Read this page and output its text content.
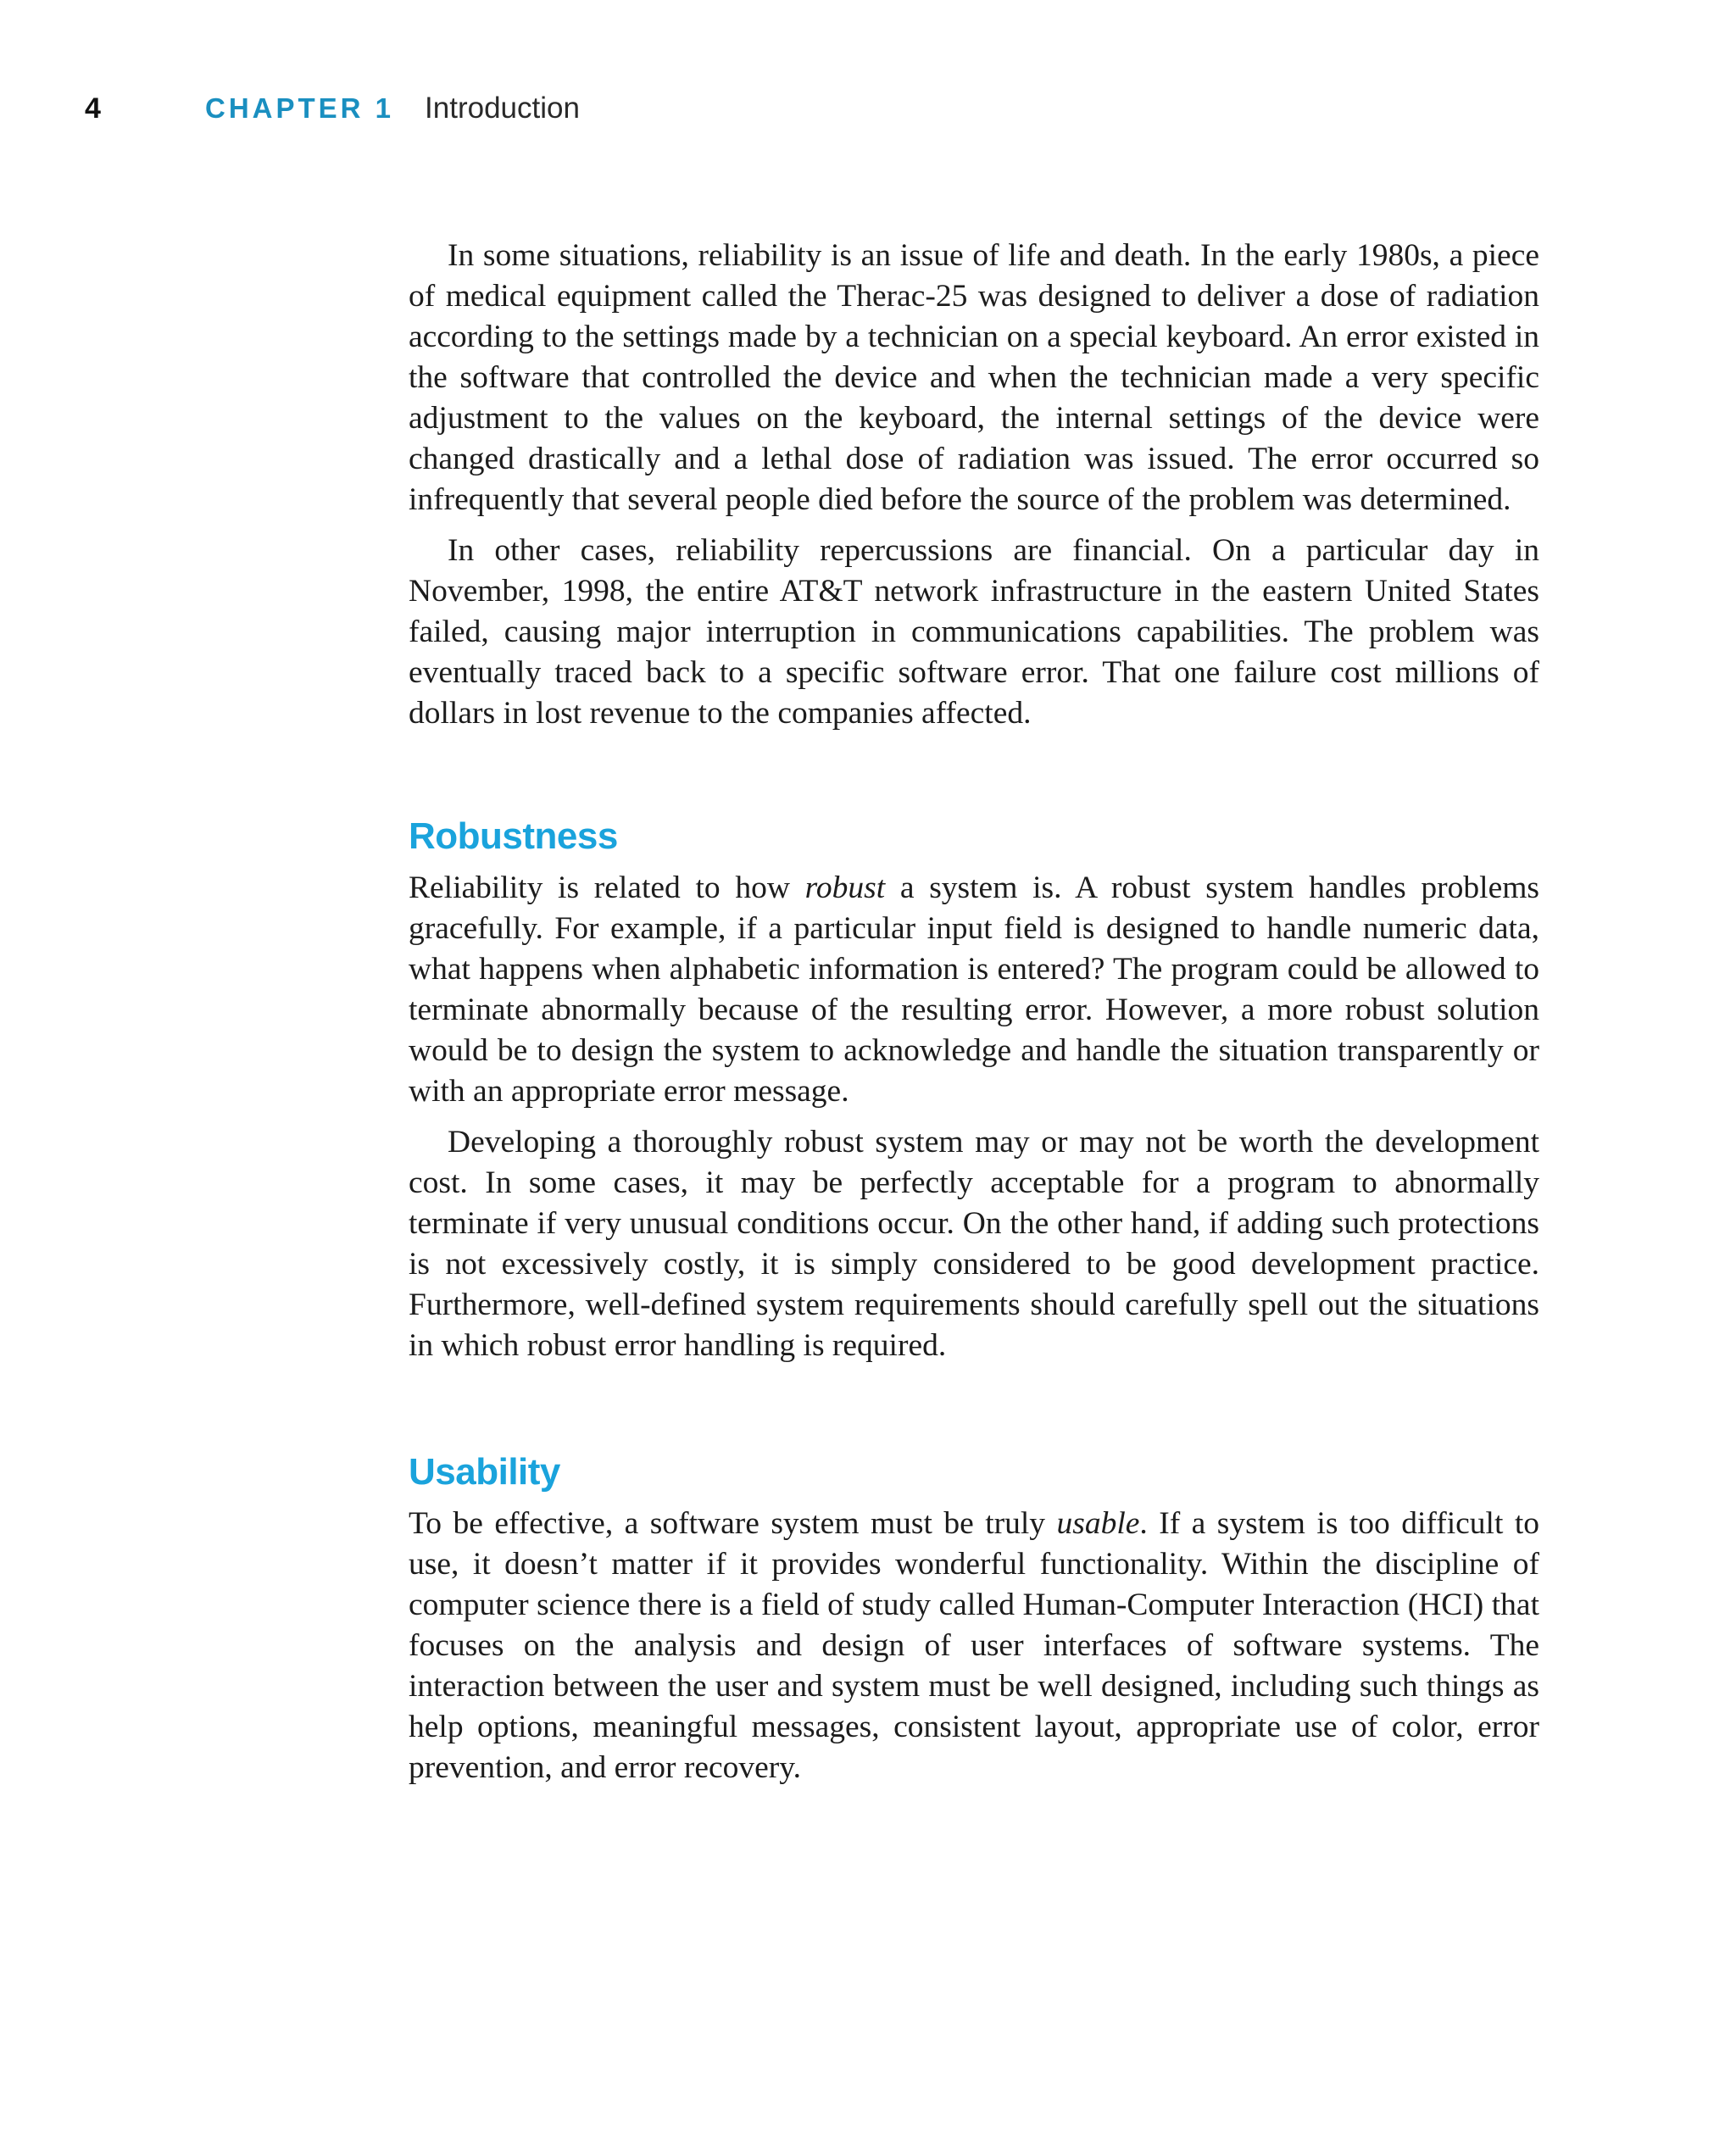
4	CHAPTER 1 Introduction

In some situations, reliability is an issue of life and death. In the early 1980s, a piece of medical equipment called the Therac-25 was designed to deliver a dose of radiation according to the settings made by a technician on a special keyboard. An error existed in the software that controlled the device and when the technician made a very specific adjustment to the values on the keyboard, the internal settings of the device were changed drastically and a lethal dose of radiation was issued. The error occurred so infrequently that several people died before the source of the problem was determined.

In other cases, reliability repercussions are financial. On a particular day in November, 1998, the entire AT&T network infrastructure in the eastern United States failed, causing major interruption in communications capabilities. The problem was eventually traced back to a specific software error. That one failure cost millions of dollars in lost revenue to the companies affected.

Robustness

Reliability is related to how robust a system is. A robust system handles problems gracefully. For example, if a particular input field is designed to handle numeric data, what happens when alphabetic information is entered? The program could be allowed to terminate abnormally because of the resulting error. However, a more robust solution would be to design the system to acknowledge and handle the situation transparently or with an appropriate error message.

Developing a thoroughly robust system may or may not be worth the development cost. In some cases, it may be perfectly acceptable for a program to abnormally terminate if very unusual conditions occur. On the other hand, if adding such protections is not excessively costly, it is simply considered to be good development practice. Furthermore, well-defined system requirements should carefully spell out the situations in which robust error handling is required.

Usability

To be effective, a software system must be truly usable. If a system is too difficult to use, it doesn’t matter if it provides wonderful functionality. Within the discipline of computer science there is a field of study called Human-Computer Interaction (HCI) that focuses on the analysis and design of user interfaces of software systems. The interaction between the user and system must be well designed, including such things as help options, meaningful messages, consistent layout, appropriate use of color, error prevention, and error recovery.
